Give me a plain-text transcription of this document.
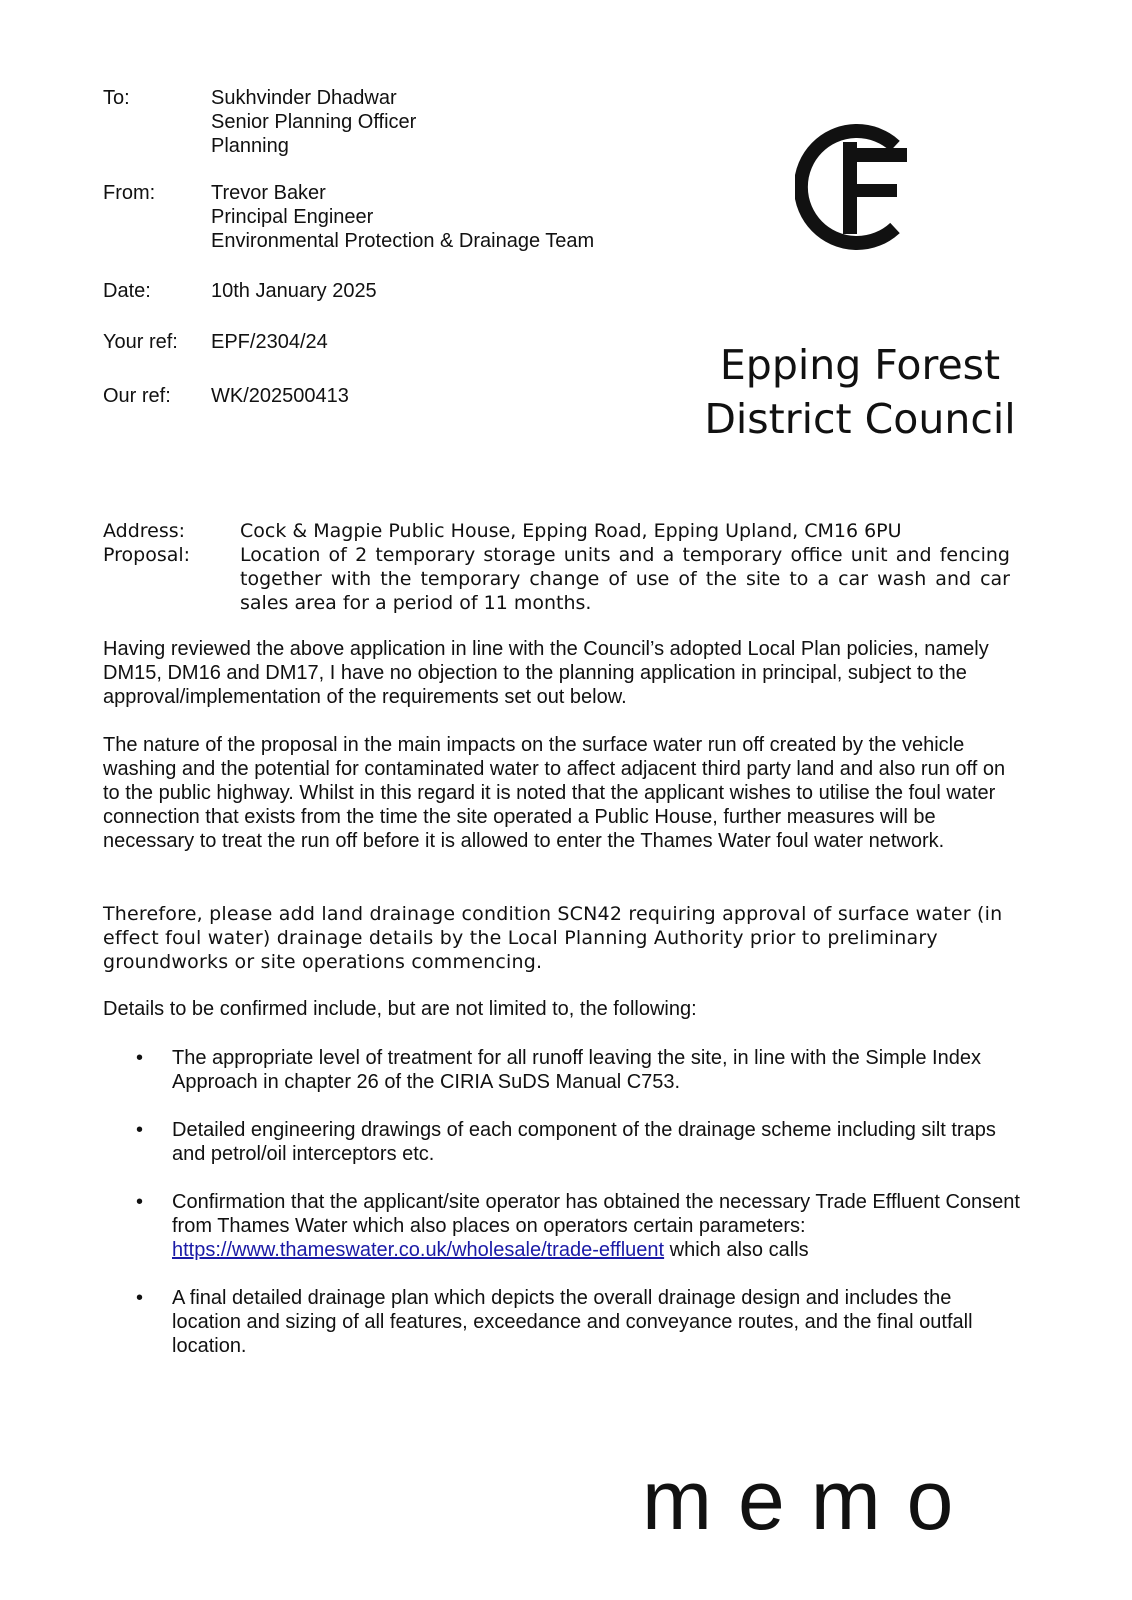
To:	Sukhvinder Dhadwar
Senior Planning Officer
Planning
From:	Trevor Baker
Principal Engineer
Environmental Protection & Drainage Team
Date:	10th January 2025
Your ref: EPF/2304/24
Our ref: WK/202500413
Epping Forest
District Council
Address:	Cock & Magpie Public House, Epping Road, Epping Upland, CM16 6PU
Proposal:	Location of 2 temporary storage units and a temporary office unit and fencing together with the temporary change of use of the site to a car wash and car sales area for a period of 11 months.
Having reviewed the above application in line with the Council’s adopted Local Plan policies, namely DM15, DM16 and DM17, I have no objection to the planning application in principal, subject to the approval/implementation of the requirements set out below.
The nature of the proposal in the main impacts on the surface water run off created by the vehicle washing and the potential for contaminated water to affect adjacent third party land and also run off on to the public highway. Whilst in this regard it is noted that the applicant wishes to utilise the foul water connection that exists from the time the site operated a Public House, further measures will be necessary to treat the run off before it is allowed to enter the Thames Water foul water network.
Therefore, please add land drainage condition SCN42 requiring approval of surface water (in effect foul water) drainage details by the Local Planning Authority prior to preliminary groundworks or site operations commencing.
Details to be confirmed include, but are not limited to, the following:
• The appropriate level of treatment for all runoff leaving the site, in line with the Simple Index Approach in chapter 26 of the CIRIA SuDS Manual C753.
• Detailed engineering drawings of each component of the drainage scheme including silt traps and petrol/oil interceptors etc.
• Confirmation that the applicant/site operator has obtained the necessary Trade Effluent Consent from Thames Water which also places on operators certain parameters: https://www.thameswater.co.uk/wholesale/trade-effluent which also calls
• A final detailed drainage plan which depicts the overall drainage design and includes the location and sizing of all features, exceedance and conveyance routes, and the final outfall location.
memo
